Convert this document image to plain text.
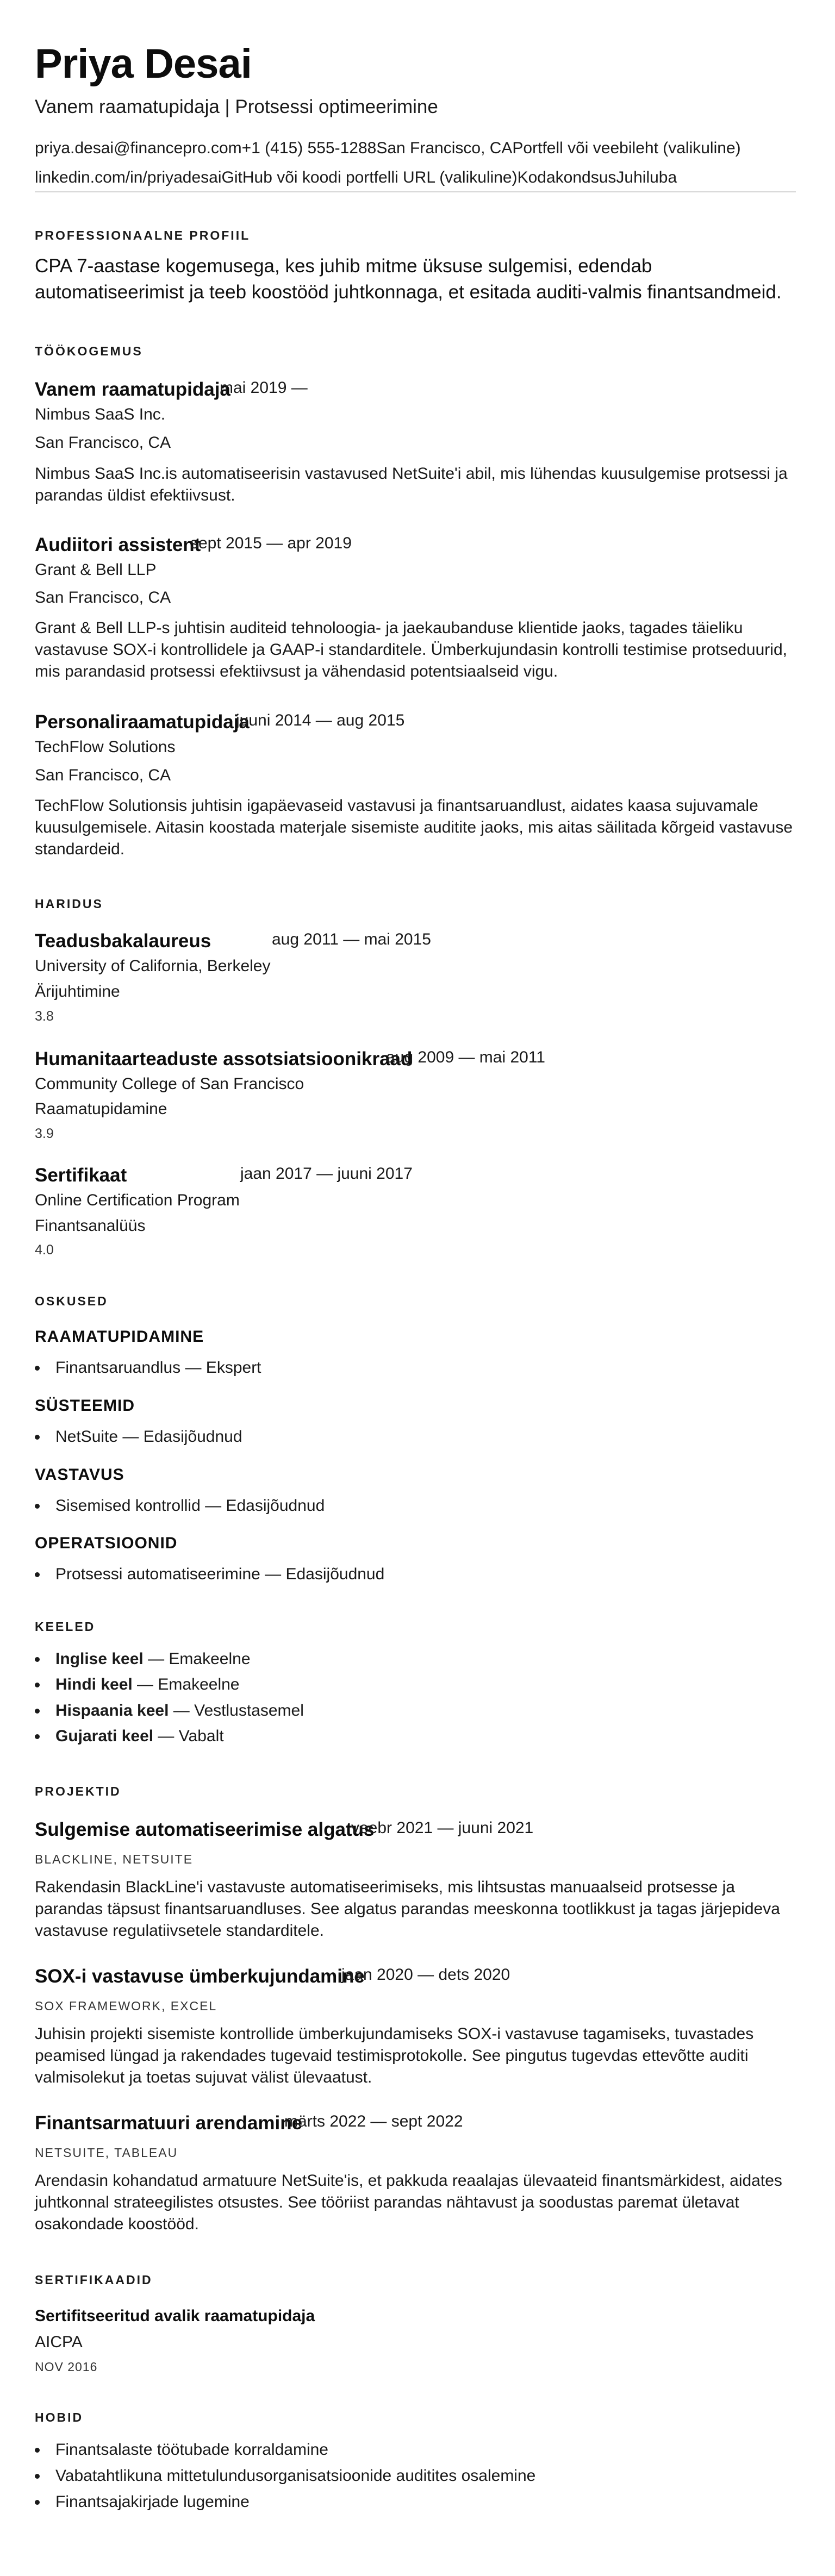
Priya Desai
Vanem raamatupidaja | Protsessi optimeerimine
priya.desai@financepro.com+1 (415) 555-1288San Francisco, CAPortfell või veebileht (valikuline)
linkedin.com/in/priyadesaiGitHub või koodi portfelli URL (valikuline)KodakondsusJuhiluba
PROFESSIONAALNE PROFIIL

CPA 7-aastase kogemusega, kes juhib mitme üksuse sulgemisi, edendab automatiseerimist ja teeb koostööd juhtkonnaga, et esitada auditi-valmis finantsandmeid.

TÖÖKOGEMUS
Vanem raamatupidaja
mai 2019 —
Nimbus SaaS Inc.
San Francisco, CA

Nimbus SaaS Inc.is automatiseerisin vastavused NetSuite'i abil, mis lühendas kuusulgemise protsessi ja parandas üldist efektiivsust.

Audiitori assistent
sept 2015 — apr 2019
Grant & Bell LLP
San Francisco, CA

Grant & Bell LLP-s juhtisin auditeid tehnoloogia- ja jaekaubanduse klientide jaoks, tagades täieliku vastavuse SOX-i kontrollidele ja GAAP-i standarditele. Ümberkujundasin kontrolli testimise protseduurid, mis parandasid protsessi efektiivsust ja vähendasid potentsiaalseid vigu.

Personaliraamatupidaja
juuni 2014 — aug 2015
TechFlow Solutions
San Francisco, CA

TechFlow Solutionsis juhtisin igapäevaseid vastavusi ja finantsaruandlust, aidates kaasa sujuvamale kuusulgemisele. Aitasin koostada materjale sisemiste auditite jaoks, mis aitas säilitada kõrgeid vastavuse standardeid.

HARIDUS
Teadusbakalaureus	aug 2011 — mai 2015
University of California, Berkeley
Ärijuhtimine
3.8
Humanitaarteaduste assotsiatsioonikraad
aug 2009 — mai 2011
Community College of San Francisco
Raamatupidamine
3.9
Sertifikaat	jaan 2017 — juuni 2017
Online Certification Program
Finantsanalüüs
4.0
OSKUSED
RAAMATUPIDAMINE
Finantsaruandlus — Ekspert
SÜSTEEMID
NetSuite — Edasijõudnud
VASTAVUS
Sisemised kontrollid — Edasijõudnud
OPERATSIOONID
Protsessi automatiseerimine — Edasijõudnud
KEELED
Inglise keel — Emakeelne
Hindi keel — Emakeelne
Hispaania keel — Vestlustasemel
Gujarati keel — Vabalt
PROJEKTID
Sulgemise automatiseerimise algatus
veebr 2021 — juuni 2021
BLACKLINE, NETSUITE

Rakendasin BlackLine'i vastavuste automatiseerimiseks, mis lihtsustas manuaalseid protsesse ja parandas täpsust finantsaruandluses. See algatus parandas meeskonna tootlikkust ja tagas järjepideva vastavuse regulatiivsetele standarditele.

SOX-i vastavuse ümberkujundamine
jaan 2020 — dets 2020
SOX FRAMEWORK, EXCEL

Juhisin projekti sisemiste kontrollide ümberkujundamiseks SOX-i vastavuse tagamiseks, tuvastades peamised lüngad ja rakendades tugevaid testimisprotokolle. See pingutus tugevdas ettevõtte auditi valmisolekut ja toetas sujuvat välist ülevaatust.

Finantsarmatuuri arendamine
märts 2022 — sept 2022
NETSUITE, TABLEAU

Arendasin kohandatud armatuure NetSuite'is, et pakkuda reaalajas ülevaateid finantsmärkidest, aidates juhtkonnal strateegilistes otsustes. See tööriist parandas nähtavust ja soodustas paremat ületavat osakondade koostööd.

SERTIFIKAADID
Sertifitseeritud avalik raamatupidaja
AICPA
NOV 2016
HOBID
Finantsalaste töötubade korraldamine
Vabatahtlikuna mittetulundusorganisatsioonide auditites osalemine
Finantsajakirjade lugemine
